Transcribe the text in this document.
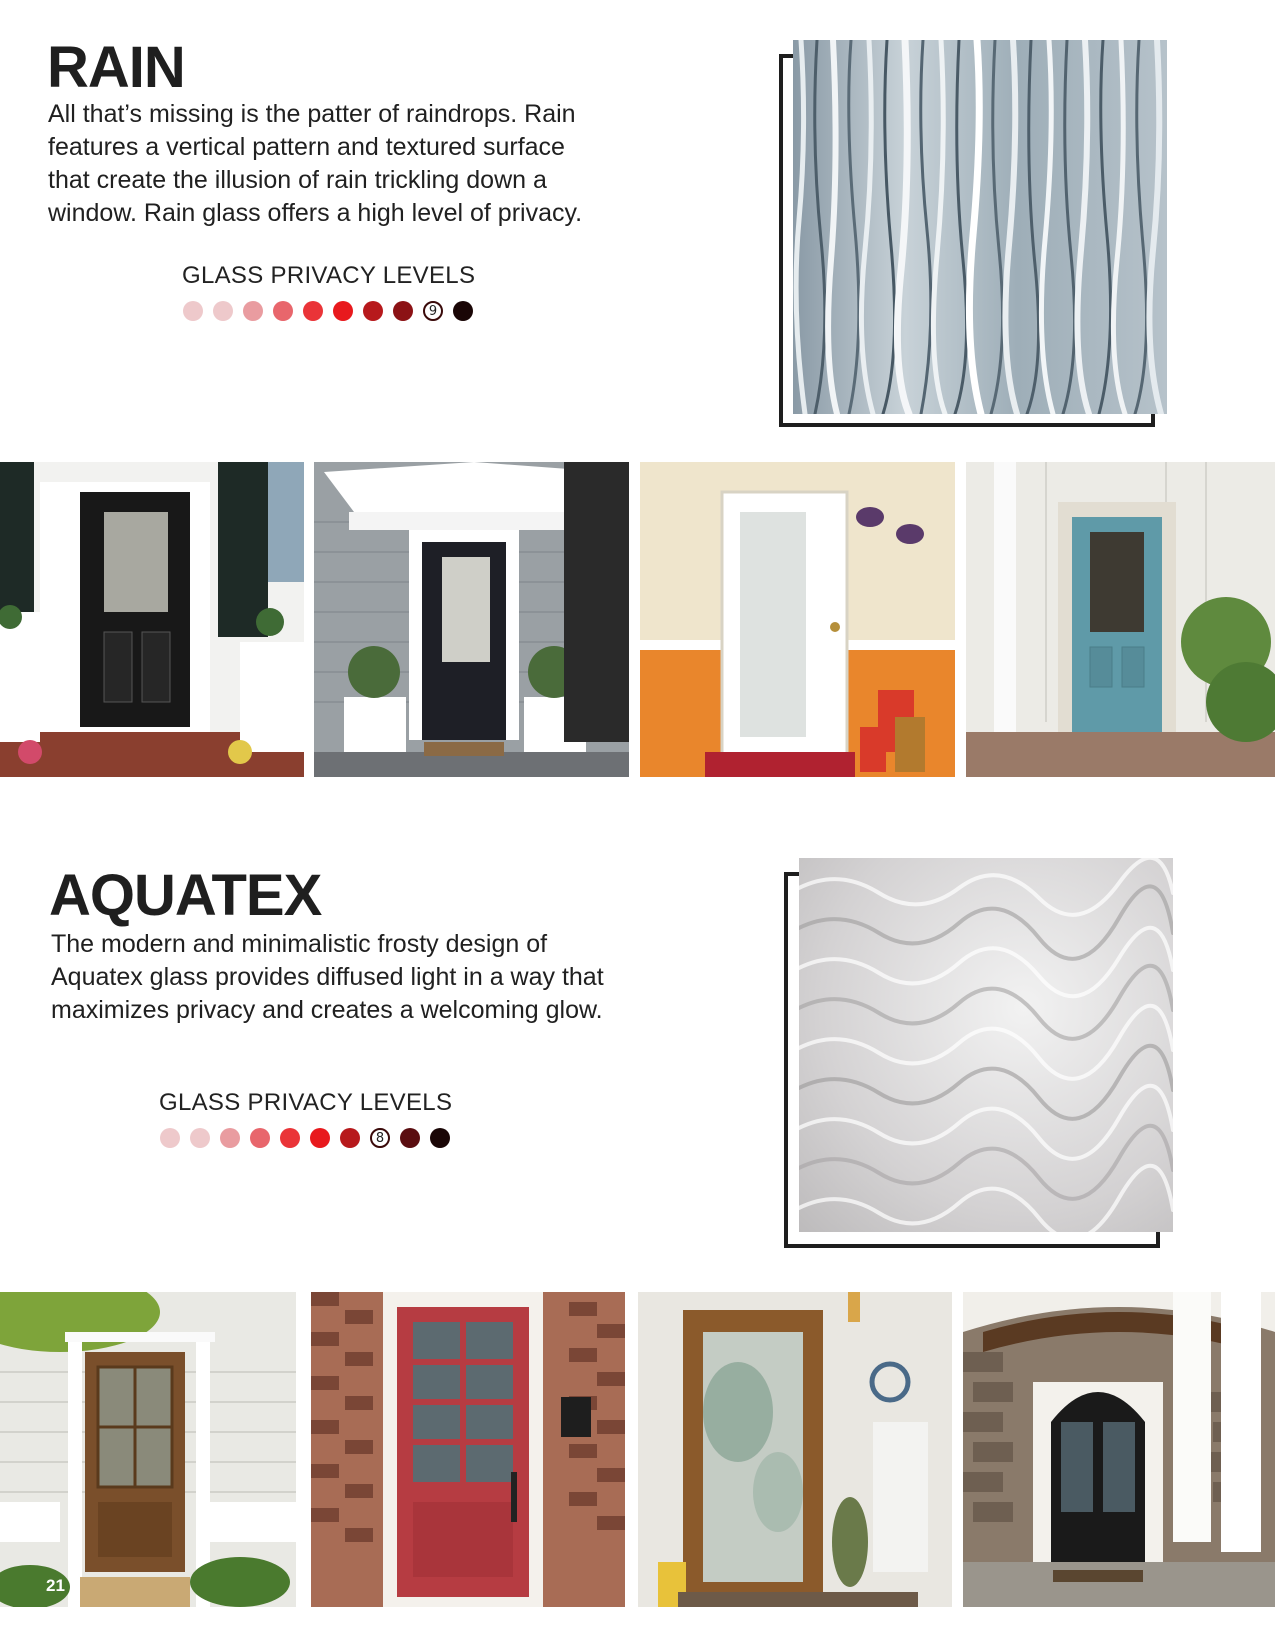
RAIN
All that’s missing is the patter of raindrops. Rain
features a vertical pattern and textured surface
that create the illusion of rain trickling down a
window. Rain glass offers a high level of privacy.
GLASS PRIVACY LEVELS
9
AQUATEX
The modern and minimalistic frosty design of
Aquatex glass provides diffused light in a way that
maximizes privacy and creates a welcoming glow.
GLASS PRIVACY LEVELS
8
21
